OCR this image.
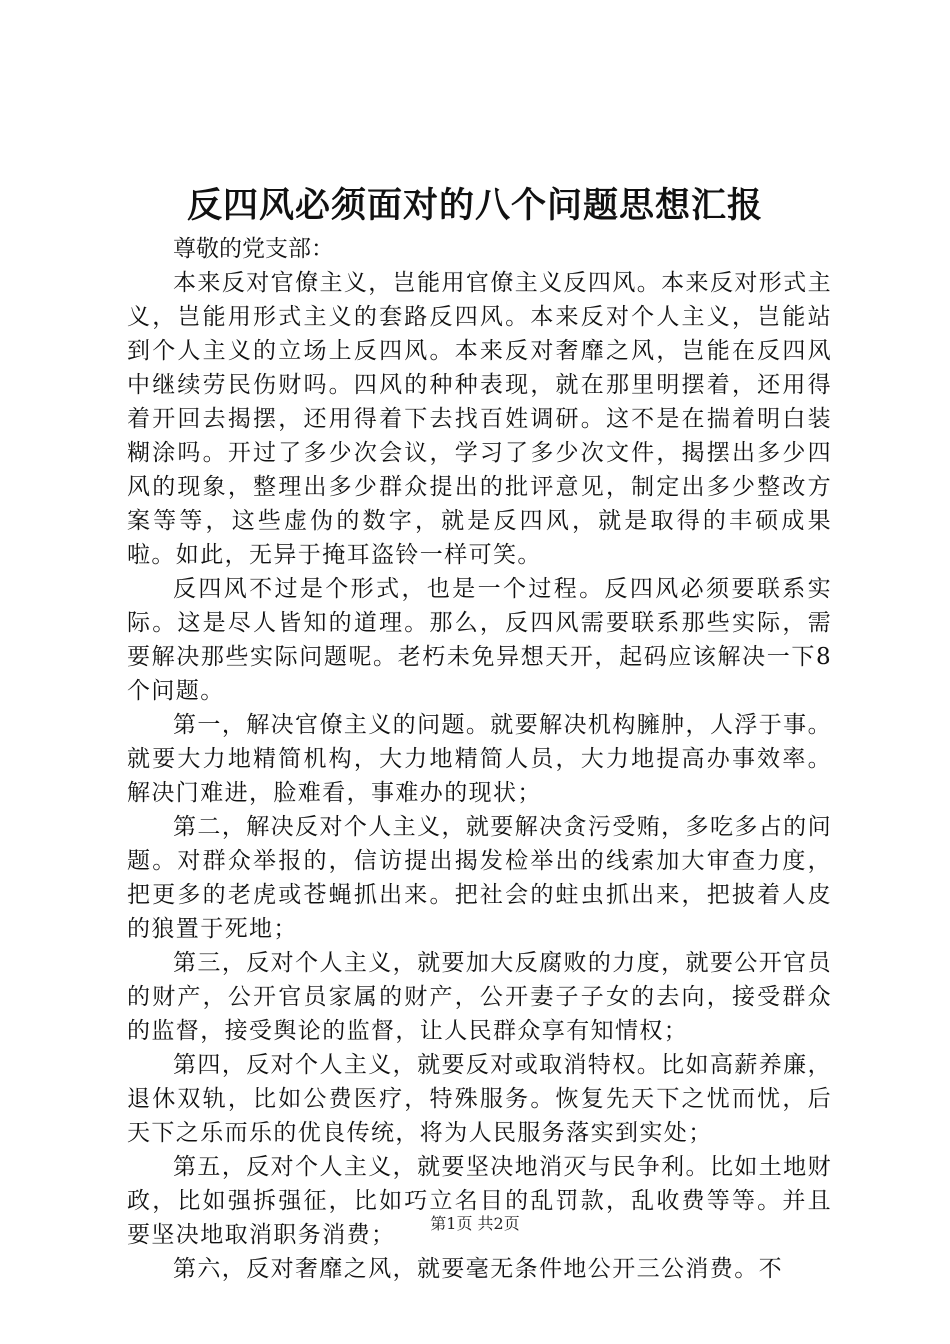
反四风必须面对的八个问题思想汇报

尊敬的党支部：

本来反对官僚主义，岂能用官僚主义反四风。本来反对形式主义，岂能用形式主义的套路反四风。本来反对个人主义，岂能站到个人主义的立场上反四风。本来反对奢靡之风，岂能在反四风中继续劳民伤财吗。四风的种种表现，就在那里明摆着，还用得着开回去揭摆，还用得着下去找百姓调研。这不是在揣着明白装糊涂吗。开过了多少次会议，学习了多少次文件，揭摆出多少四风的现象，整理出多少群众提出的批评意见，制定出多少整改方案等等，这些虚伪的数字，就是反四风，就是取得的丰硕成果啦。如此，无异于掩耳盗铃一样可笑。

反四风不过是个形式，也是一个过程。反四风必须要联系实际。这是尽人皆知的道理。那么，反四风需要联系那些实际，需要解决那些实际问题呢。老朽未免异想天开，起码应该解决一下8个问题。

第一，解决官僚主义的问题。就要解决机构臃肿，人浮于事。就要大力地精简机构，大力地精简人员，大力地提高办事效率。解决门难进，脸难看，事难办的现状；

第二，解决反对个人主义，就要解决贪污受贿，多吃多占的问题。对群众举报的，信访提出揭发检举出的线索加大审查力度，把更多的老虎或苍蝇抓出来。把社会的蛀虫抓出来，把披着人皮的狼置于死地；

第三，反对个人主义，就要加大反腐败的力度，就要公开官员的财产，公开官员家属的财产，公开妻子子女的去向，接受群众的监督，接受舆论的监督，让人民群众享有知情权；

第四，反对个人主义，就要反对或取消特权。比如高薪养廉，退休双轨，比如公费医疗，特殊服务。恢复先天下之忧而忧，后天下之乐而乐的优良传统，将为人民服务落实到实处；

第五，反对个人主义，就要坚决地消灭与民争利。比如土地财政，比如强拆强征，比如巧立名目的乱罚款，乱收费等等。并且要坚决地取消职务消费；

第六，反对奢靡之风，就要毫无条件地公开三公消费。不

第1页 共2页
